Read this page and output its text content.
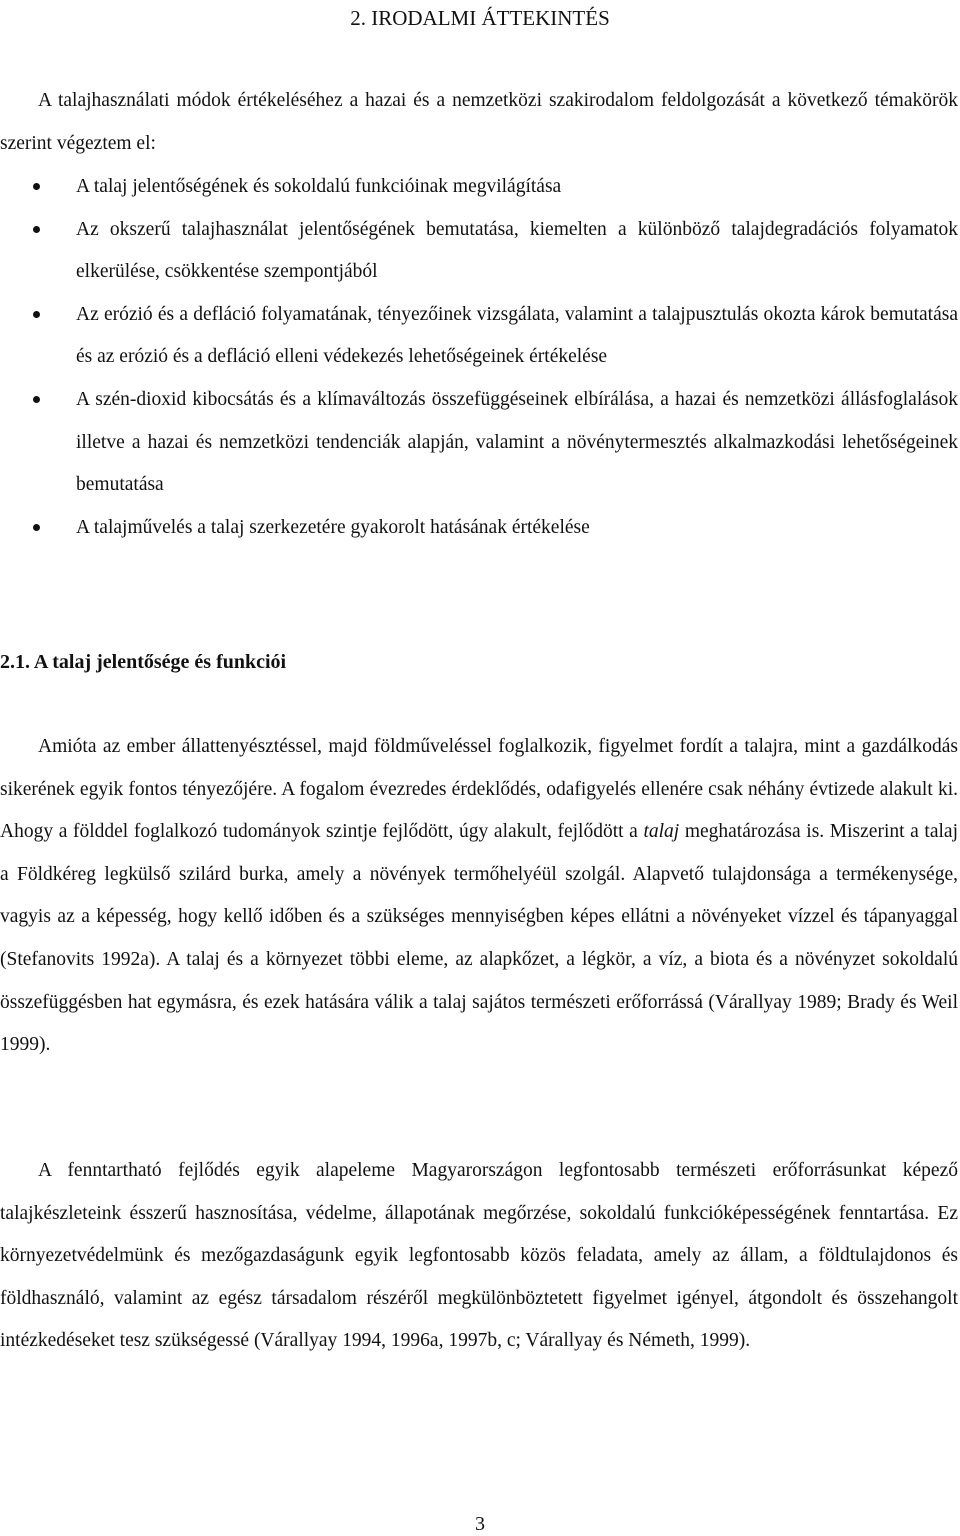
2. IRODALMI ÁTTEKINTÉS

A talajhasználati módok értékeléséhez a hazai és a nemzetközi szakirodalom feldolgozását a következő témakörök szerint végeztem el:

A talaj jelentőségének és sokoldalú funkcióinak megvilágítása
Az okszerű talajhasználat jelentőségének bemutatása, kiemelten a különböző talajdegradációs folyamatok elkerülése, csökkentése szempontjából
Az erózió és a defláció folyamatának, tényezőinek vizsgálata, valamint a talajpusztulás okozta károk bemutatása és az erózió és a defláció elleni védekezés lehetőségeinek értékelése
A szén-dioxid kibocsátás és a klímaváltozás összefüggéseinek elbírálása, a hazai és nemzetközi állásfoglalások illetve a hazai és nemzetközi tendenciák alapján, valamint a növénytermesztés alkalmazkodási lehetőségeinek bemutatása
A talajművelés a talaj szerkezetére gyakorolt hatásának értékelése
2.1. A talaj jelentősége és funkciói

Amióta az ember állattenyésztéssel, majd földműveléssel foglalkozik, figyelmet fordít a talajra, mint a gazdálkodás sikerének egyik fontos tényezőjére. A fogalom évezredes érdeklődés, odafigyelés ellenére csak néhány évtizede alakult ki. Ahogy a földdel foglalkozó tudományok szintje fejlődött, úgy alakult, fejlődött a talaj meghatározása is. Miszerint a talaj a Földkéreg legkülső szilárd burka, amely a növények termőhelyéül szolgál. Alapvető tulajdonsága a termékenysége, vagyis az a képesség, hogy kellő időben és a szükséges mennyiségben képes ellátni a növényeket vízzel és tápanyaggal (Stefanovits 1992a). A talaj és a környezet többi eleme, az alapkőzet, a légkör, a víz, a biota és a növényzet sokoldalú összefüggésben hat egymásra, és ezek hatására válik a talaj sajátos természeti erőforrássá (Várallyay 1989; Brady és Weil 1999).

A fenntartható fejlődés egyik alapeleme Magyarországon legfontosabb természeti erőforrásunkat képező talajkészleteink ésszerű hasznosítása, védelme, állapotának megőrzése, sokoldalú funkcióképességének fenntartása. Ez környezetvédelmünk és mezőgazdaságunk egyik legfontosabb közös feladata, amely az állam, a földtulajdonos és földhasználó, valamint az egész társadalom részéről megkülönböztetett figyelmet igényel, átgondolt és összehangolt intézkedéseket tesz szükségessé (Várallyay 1994, 1996a, 1997b, c; Várallyay és Németh, 1999).

3
